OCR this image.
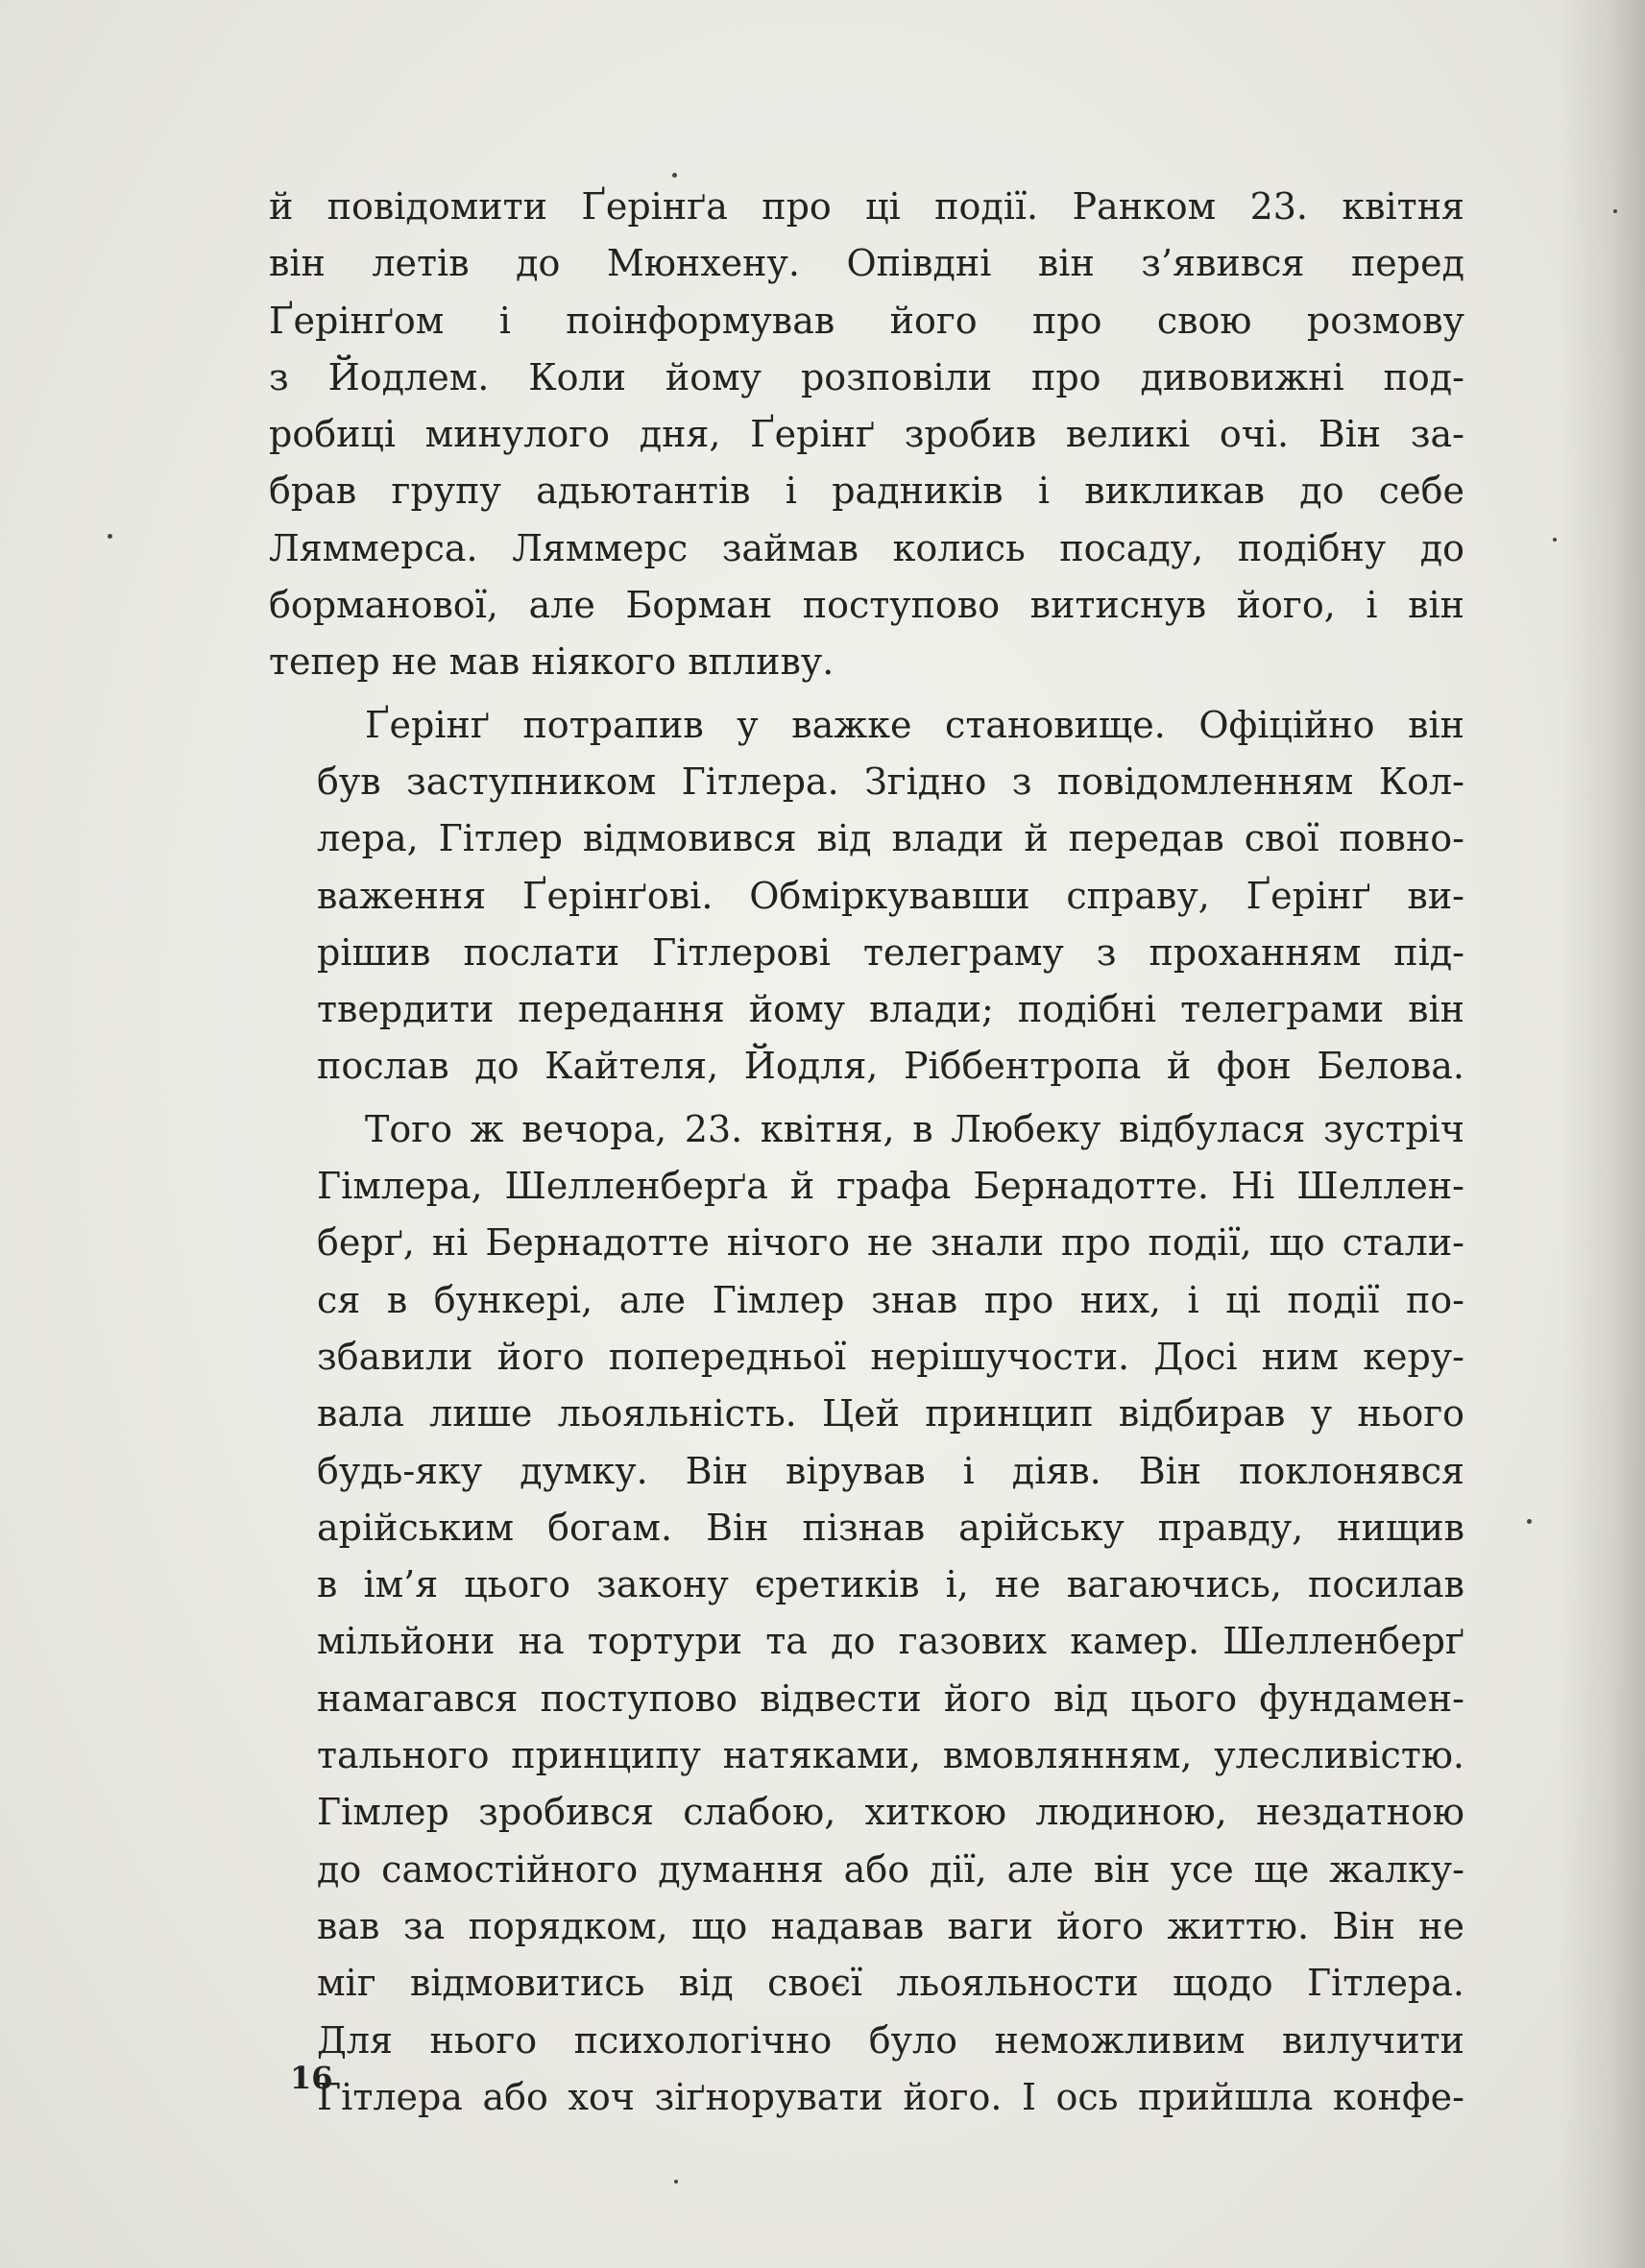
й повідомити Ґерінґа про ці події. Ранком 23. квітня
він летів до Мюнхену. Опівдні він з’явився перед
Ґерінґом і поінформував його про свою розмову
з Йодлем. Коли йому розповіли про дивовижні под-
робиці минулого дня, Ґерінґ зробив великі очі. Він за-
брав групу адьютантів і радників і викликав до себе
Ляммерса. Ляммерс займав колись посаду, подібну до
борманової, але Борман поступово витиснув його, і він
тепер не мав ніякого впливу.

Ґерінґ потрапив у важке становище. Офіційно він
був заступником Гітлера. Згідно з повідомленням Кол-
лера, Гітлер відмовився від влади й передав свої повно-
важення Ґерінґові. Обміркувавши справу, Ґерінґ ви-
рішив послати Гітлерові телеграму з проханням під-
твердити передання йому влади; подібні телеграми він
послав до Кайтеля, Йодля, Ріббентропа й фон Белова.

Того ж вечора, 23. квітня, в Любеку відбулася зустріч
Гімлера, Шелленберґа й графа Бернадотте. Ні Шеллен-
берґ, ні Бернадотте нічого не знали про події, що стали-
ся в бункері, але Гімлер знав про них, і ці події по-
збавили його попередньої нерішучости. Досі ним керу-
вала лише льояльність. Цей принцип відбирав у нього
будь-яку думку. Він вірував і діяв. Він поклонявся
арійським богам. Він пізнав арійську правду, нищив
в ім’я цього закону єретиків і, не вагаючись, посилав
мільйони на тортури та до газових камер. Шелленберґ
намагався поступово відвести його від цього фундамен-
тального принципу натяками, вмовлянням, улесливістю.
Гімлер зробився слабою, хиткою людиною, нездатною
до самостійного думання або дії, але він усе ще жалку-
вав за порядком, що надавав ваги його життю. Він не
міг відмовитись від своєї льояльности щодо Гітлера.
Для нього психологічно було неможливим вилучити
Гітлера або хоч зіґнорувати його. І ось прийшла конфе-

16
